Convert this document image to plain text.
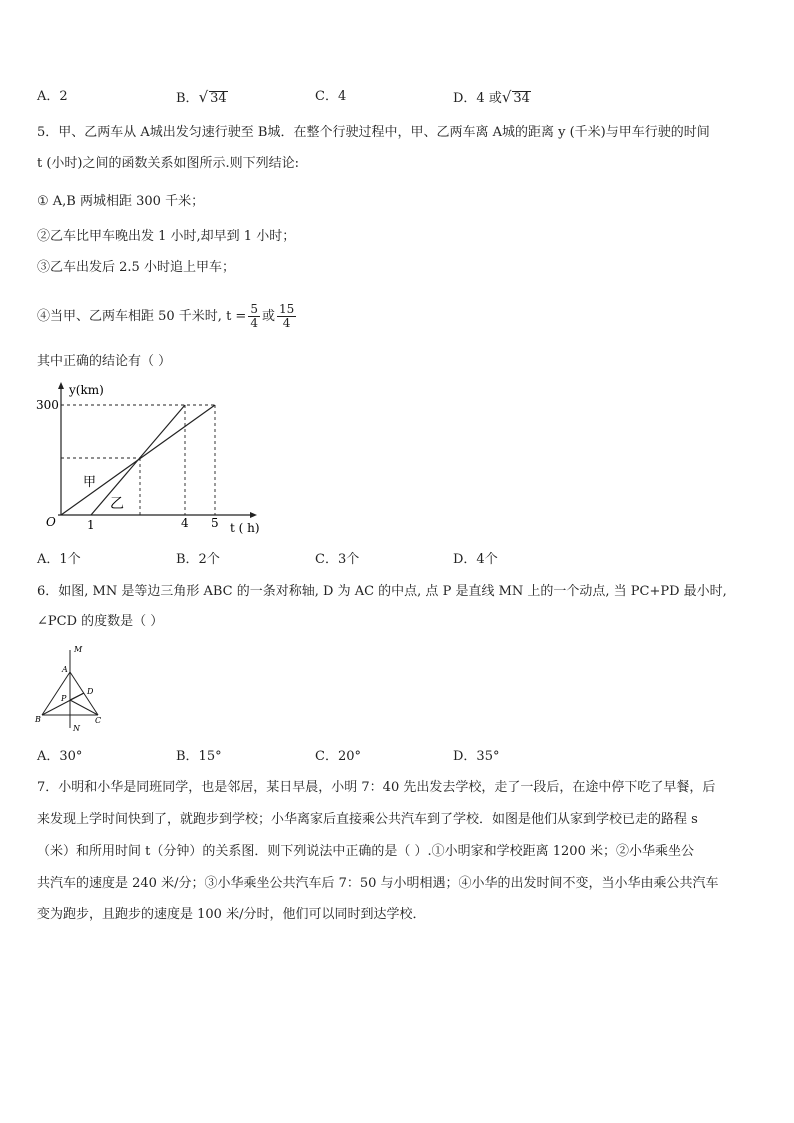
A．2	B．√ 34	C．4	D．4 或√ 34
5．甲、乙两车从 A城出发匀速行驶至 B城．在整个行驶过程中，甲、乙两车离 A城的距离 y (千米)与甲车行驶的时间
t (小时)之间的函数关系如图所示.则下列结论:
① A,B 两城相距 300 千米；
②乙车比甲车晚出发 1 小时,却早到 1 小时；
③乙车出发后 2.5 小时追上甲车；
④当甲、乙两车相距 50 千米时, $t = \frac{5}{4}$ 或 $\frac{15}{4}$
其中正确的结论有（ ）
y(km)
t ( h)
O
300
1	4 5
甲
乙
A．1个	B．2个	C．3个	D．4个
6．如图, MN 是等边三角形 ABC 的一条对称轴, D 为 AC 的中点, 点 P 是直线 MN 上的一个动点, 当 PC+PD 最小时,
∠PCD 的度数是（ ）
M
A
P
D
B	C
N
A．30°	B．15°	C．20°	D．35°
7．小明和小华是同班同学，也是邻居，某日早晨，小明 7：40 先出发去学校，走了一段后，在途中停下吃了早餐，后
来发现上学时间快到了，就跑步到学校；小华离家后直接乘公共汽车到了学校．如图是他们从家到学校已走的路程 s
（米）和所用时间 t（分钟）的关系图．则下列说法中正确的是（ ）.①小明家和学校距离 1200 米；②小华乘坐公
共汽车的速度是 240 米/分；③小华乘坐公共汽车后 7：50 与小明相遇；④小华的出发时间不变，当小华由乘公共汽车
变为跑步，且跑步的速度是 100 米/分时，他们可以同时到达学校．
